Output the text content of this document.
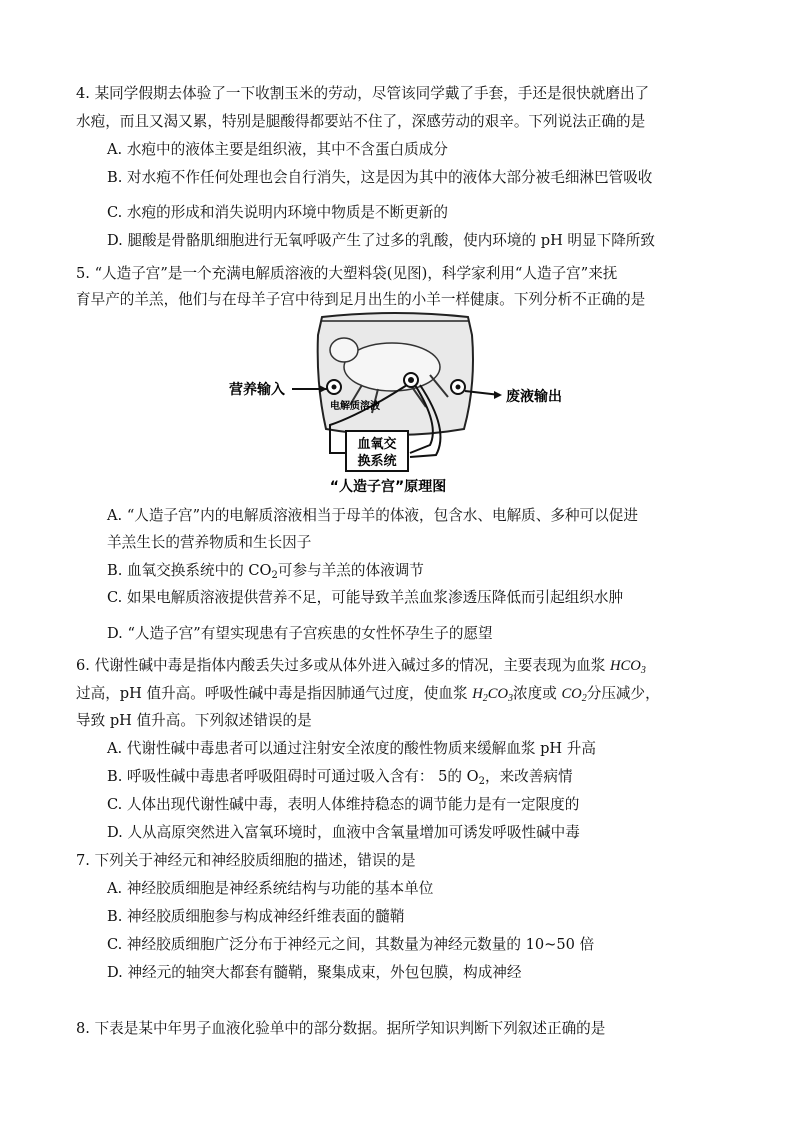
4. 某同学假期去体验了一下收割玉米的劳动，尽管该同学戴了手套，手还是很快就磨出了
水疱，而且又渴又累，特别是腿酸得都要站不住了，深感劳动的艰辛。下列说法正确的是
A. 水疱中的液体主要是组织液，其中不含蛋白质成分
B. 对水疱不作任何处理也会自行消失，这是因为其中的液体大部分被毛细淋巴管吸收
C. 水疱的形成和消失说明内环境中物质是不断更新的
D. 腿酸是骨骼肌细胞进行无氧呼吸产生了过多的乳酸，使内环境的 pH 明显下降所致
5. “人造子宫”是一个充满电解质溶液的大塑料袋(见图)，科学家利用“人造子宫”来抚
育早产的羊羔，他们与在母羊子宫中待到足月出生的小羊一样健康。下列分析不正确的是
血氧交
换系统
营养输入	废液输出
电解质溶液
“人造子宫”原理图
A. “人造子宫”内的电解质溶液相当于母羊的体液，包含水、电解质、多种可以促进
羊羔生长的营养物质和生长因子
B. 血氧交换系统中的 $CO_2$可参与羊羔的体液调节
C. 如果电解质溶液提供营养不足，可能导致羊羔血浆渗透压降低而引起组织水肿
D. “人造子宫”有望实现患有子宫疾患的女性怀孕生子的愿望
6. 代谢性碱中毒是指体内酸丢失过多或从体外进入碱过多的情况，主要表现为血浆 $HCO_3$
过高，pH 值升高。呼吸性碱中毒是指因肺通气过度，使血浆 $H_2CO_3$浓度或 $CO_2$分压减少，
导致 pH 值升高。下列叙述错误的是
A. 代谢性碱中毒患者可以通过注射安全浓度的酸性物质来缓解血浆 pH 升高
B. 呼吸性碱中毒患者呼吸阻碍时可通过吸入含有： 5的 $O_2$，来改善病情
C. 人体出现代谢性碱中毒，表明人体维持稳态的调节能力是有一定限度的
D. 人从高原突然进入富氧环境时，血液中含氧量增加可诱发呼吸性碱中毒
7. 下列关于神经元和神经胶质细胞的描述，错误的是
A. 神经胶质细胞是神经系统结构与功能的基本单位
B. 神经胶质细胞参与构成神经纤维表面的髓鞘
C. 神经胶质细胞广泛分布于神经元之间，其数量为神经元数量的 10~50 倍
D. 神经元的轴突大都套有髓鞘，聚集成束，外包包膜，构成神经
8. 下表是某中年男子血液化验单中的部分数据。据所学知识判断下列叙述正确的是
